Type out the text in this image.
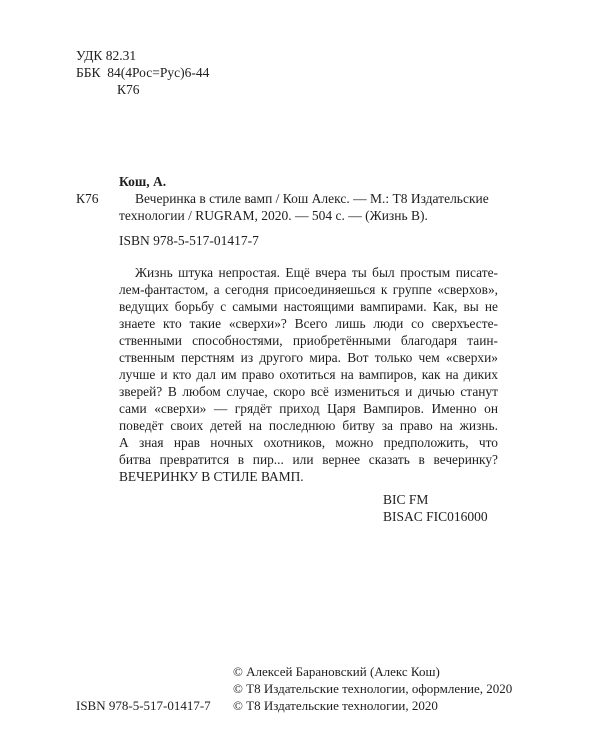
УДК 82.31
ББК  84(4Рос=Рус)6-44
К76
Кош, А.
К76	Вечеринка в стиле вамп / Кош Алекс. — М.: Т8 Издательские
технологии / RUGRAM, 2020. — 504 с. — (Жизнь В).
ISBN 978-5-517-01417-7
Жизнь штука непростая. Ещё вчера ты был простым писате-
лем-фантастом, а сегодня присоединяешься к группе «сверхов»,
ведущих борьбу с самыми настоящими вампирами. Как, вы не
знаете кто такие «сверхи»? Всего лишь люди со сверхъесте-
ственными способностями, приобретёнными благодаря таин-
ственным перстням из другого мира. Вот только чем «сверхи»
лучше и кто дал им право охотиться на вампиров, как на диких
зверей? В любом случае, скоро всё измениться и дичью станут
сами «сверхи» — грядёт приход Царя Вампиров. Именно он
поведёт своих детей на последнюю битву за право на жизнь.
А зная нрав ночных охотников, можно предположить, что
битва превратится в пир... или вернее сказать в вечеринку?
ВЕЧЕРИНКУ В СТИЛЕ ВАМП.
BIC FM
BISAC FIC016000
© Алексей Барановский (Алекс Кош)
© Т8 Издательские технологии, оформление, 2020
ISBN 978-5-517-01417-7 © Т8 Издательские технологии, 2020
